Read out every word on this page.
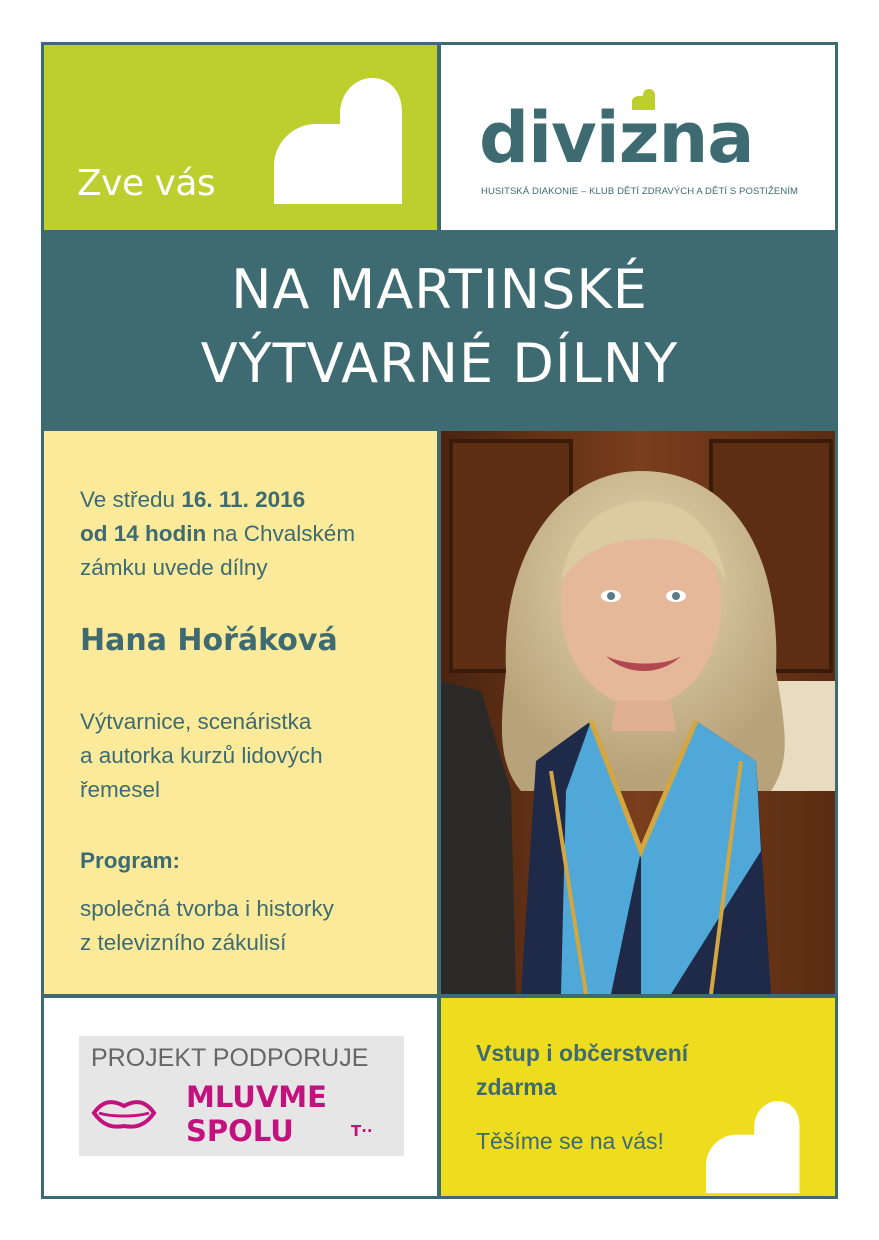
Zve vás
divizna
HUSITSKÁ DIAKONIE – KLUB DĚTÍ ZDRAVÝCH A DĚTÍ S POSTIŽENÍM
NA MARTINSKÉ
VÝTVARNÉ DÍLNY
Ve středu 16. 11. 2016
od 14 hodin na Chvalském
zámku uvede dílny
Hana Hořáková
Výtvarnice, scenáristka
a autorka kurzů lidových
řemesel
Program:
společná tvorba i historky
z televizního zákulisí
PROJEKT PODPORUJE
MLUVME
SPOLU	T··
Vstup i občerstvení
zdarma
Těšíme se na vás!
